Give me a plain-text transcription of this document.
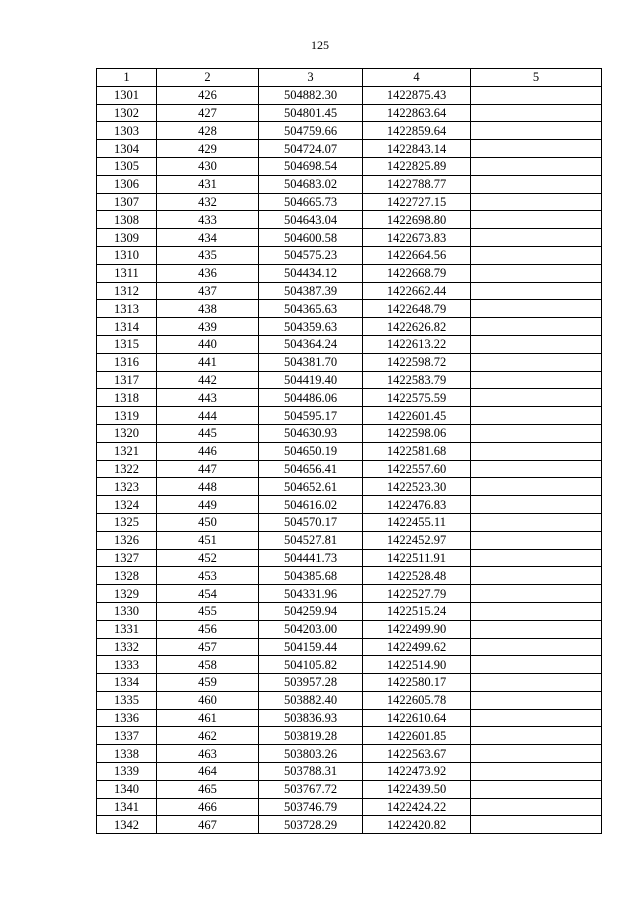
125
1	2	3	4	5
1301	426	504882.30	1422875.43	
1302	427	504801.45	1422863.64	
1303	428	504759.66	1422859.64	
1304	429	504724.07	1422843.14	
1305	430	504698.54	1422825.89	
1306	431	504683.02	1422788.77	
1307	432	504665.73	1422727.15	
1308	433	504643.04	1422698.80	
1309	434	504600.58	1422673.83	
1310	435	504575.23	1422664.56	
1311	436	504434.12	1422668.79	
1312	437	504387.39	1422662.44	
1313	438	504365.63	1422648.79	
1314	439	504359.63	1422626.82	
1315	440	504364.24	1422613.22	
1316	441	504381.70	1422598.72	
1317	442	504419.40	1422583.79	
1318	443	504486.06	1422575.59	
1319	444	504595.17	1422601.45	
1320	445	504630.93	1422598.06	
1321	446	504650.19	1422581.68	
1322	447	504656.41	1422557.60	
1323	448	504652.61	1422523.30	
1324	449	504616.02	1422476.83	
1325	450	504570.17	1422455.11	
1326	451	504527.81	1422452.97	
1327	452	504441.73	1422511.91	
1328	453	504385.68	1422528.48	
1329	454	504331.96	1422527.79	
1330	455	504259.94	1422515.24	
1331	456	504203.00	1422499.90	
1332	457	504159.44	1422499.62	
1333	458	504105.82	1422514.90	
1334	459	503957.28	1422580.17	
1335	460	503882.40	1422605.78	
1336	461	503836.93	1422610.64	
1337	462	503819.28	1422601.85	
1338	463	503803.26	1422563.67	
1339	464	503788.31	1422473.92	
1340	465	503767.72	1422439.50	
1341	466	503746.79	1422424.22	
1342	467	503728.29	1422420.82	
